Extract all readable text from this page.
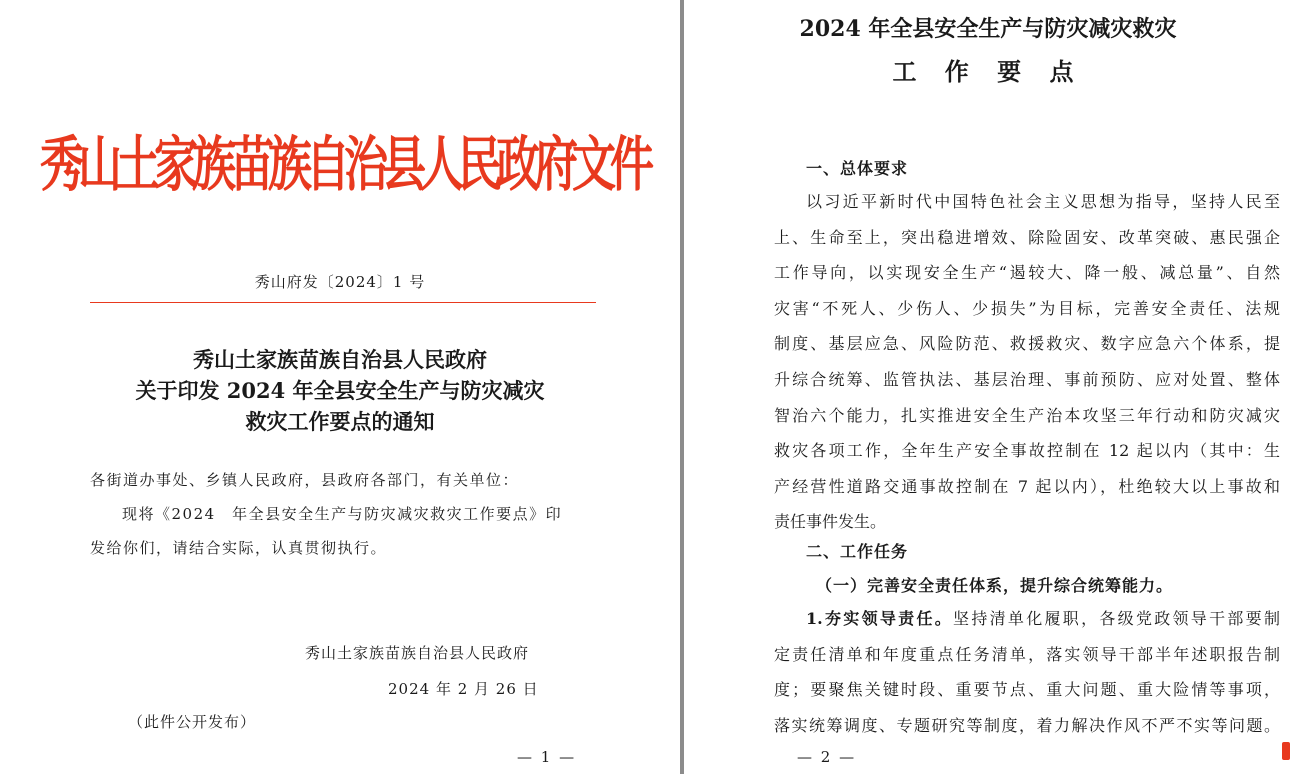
秀山土家族苗族自治县人民政府文件
秀山府发〔2024〕1 号
秀山土家族苗族自治县人民政府
关于印发 2024 年全县安全生产与防灾减灾
救灾工作要点的通知
各街道办事处、乡镇人民政府，县政府各部门，有关单位：
现将《2024　年全县安全生产与防灾减灾救灾工作要点》印
发给你们，请结合实际，认真贯彻执行。
秀山土家族苗族自治县人民政府
2024 年 2 月 26 日
（此件公开发布）
— 1 —
2024 年全县安全生产与防灾减灾救灾
工 作 要 点
一、总体要求
以习近平新时代中国特色社会主义思想为指导，坚持人民至
上、生命至上，突出稳进增效、除险固安、改革突破、惠民强企
工作导向，以实现安全生产“遏较大、降一般、减总量”、自然
灾害“不死人、少伤人、少损失”为目标，完善安全责任、法规
制度、基层应急、风险防范、救援救灾、数字应急六个体系，提
升综合统筹、监管执法、基层治理、事前预防、应对处置、整体
智治六个能力，扎实推进安全生产治本攻坚三年行动和防灾减灾
救灾各项工作，全年生产安全事故控制在 12 起以内（其中：生
产经营性道路交通事故控制在 7 起以内），杜绝较大以上事故和
责任事件发生。
二、工作任务
（一）完善安全责任体系，提升综合统筹能力。
1.夯实领导责任。坚持清单化履职，各级党政领导干部要制
定责任清单和年度重点任务清单，落实领导干部半年述职报告制
度；要聚焦关键时段、重要节点、重大问题、重大险情等事项，
落实统筹调度、专题研究等制度，着力解决作风不严不实等问题。
— 2 —
